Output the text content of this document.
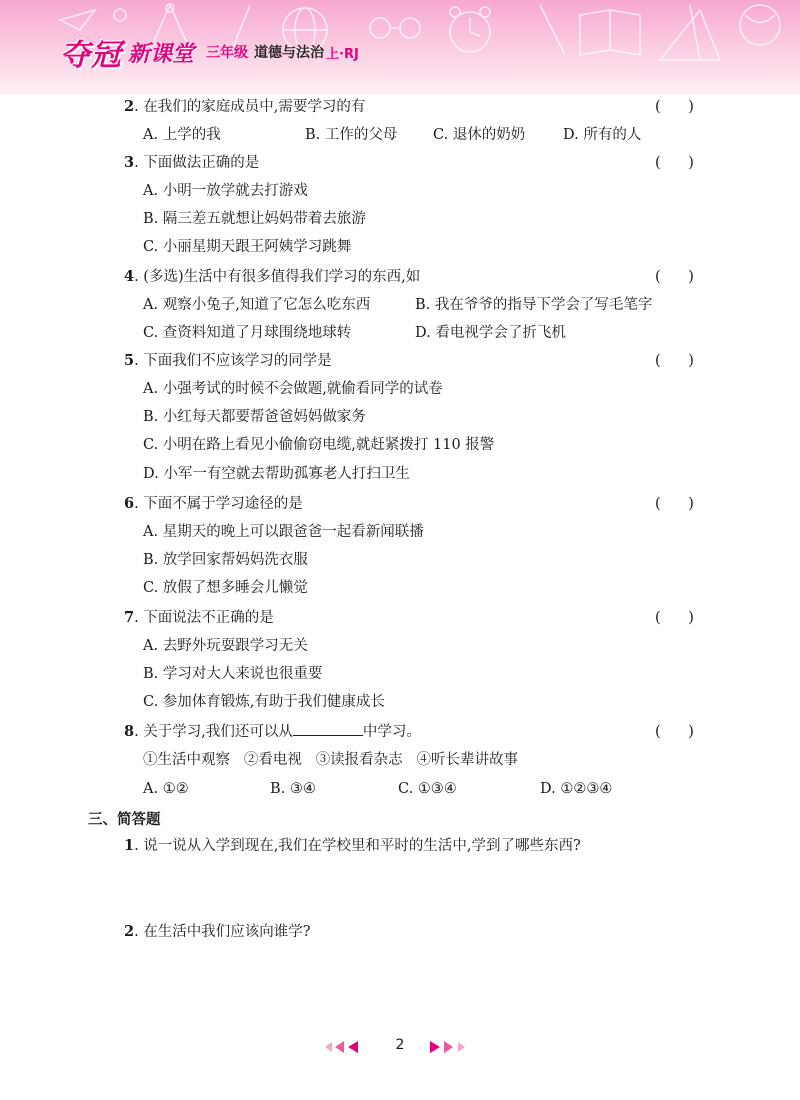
夺冠 新课堂 三年级 道德与法治 上·RJ
2. 在我们的家庭成员中,需要学习的有	(      )
A. 上学的我	B. 工作的父母 C. 退休的奶奶	D. 所有的人
3. 下面做法正确的是	(      )
A. 小明一放学就去打游戏
B. 隔三差五就想让妈妈带着去旅游
C. 小丽星期天跟王阿姨学习跳舞
4. (多选)生活中有很多值得我们学习的东西,如	(      )
A. 观察小兔子,知道了它怎么吃东西	B. 我在爷爷的指导下学会了写毛笔字
C. 查资料知道了月球围绕地球转	D. 看电视学会了折飞机
5. 下面我们不应该学习的同学是	(      )
A. 小强考试的时候不会做题,就偷看同学的试卷
B. 小红每天都要帮爸爸妈妈做家务
C. 小明在路上看见小偷偷窃电缆,就赶紧拨打 110 报警
D. 小军一有空就去帮助孤寡老人打扫卫生
6. 下面不属于学习途径的是	(      )
A. 星期天的晚上可以跟爸爸一起看新闻联播
B. 放学回家帮妈妈洗衣服
C. 放假了想多睡会儿懒觉
7. 下面说法不正确的是	(      )
A. 去野外玩耍跟学习无关
B. 学习对大人来说也很重要
C. 参加体育锻炼,有助于我们健康成长
8. 关于学习,我们还可以从	中学习。	(      )
①生活中观察   ②看电视   ③读报看杂志   ④听长辈讲故事
A. ①②	B. ③④	C. ①③④	D. ①②③④
三、简答题
1. 说一说从入学到现在,我们在学校里和平时的生活中,学到了哪些东西?
2. 在生活中我们应该向谁学?
2
